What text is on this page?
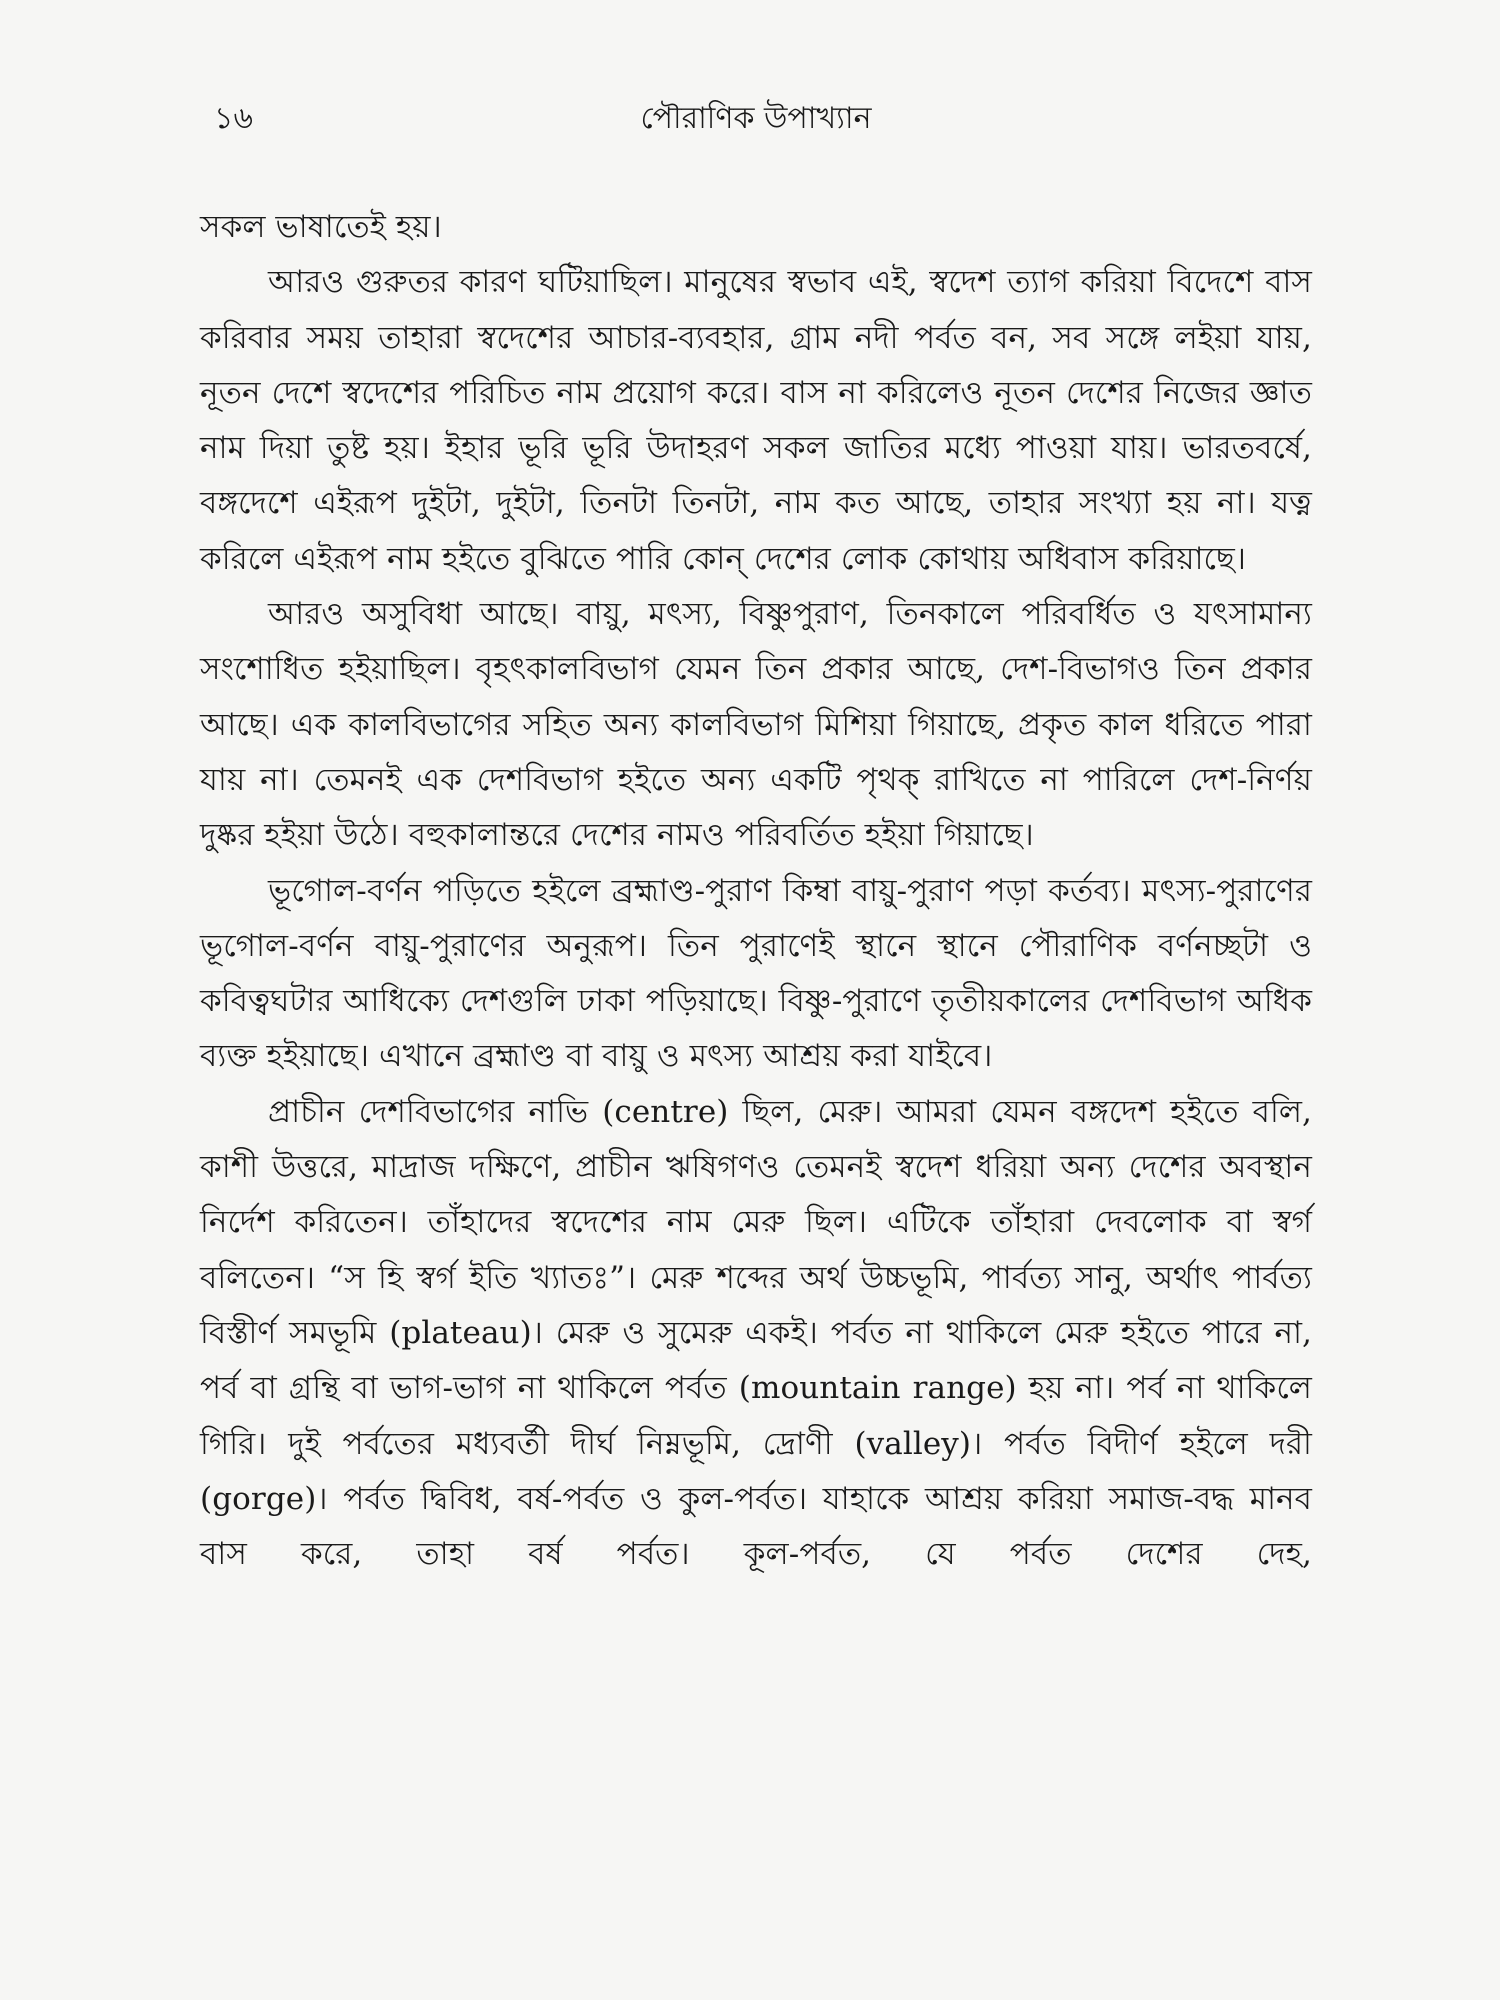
১৬	পৌরাণিক উপাখ্যান

সকল ভাষাতেই হয়।

আরও গুরুতর কারণ ঘটিয়াছিল। মানুষের স্বভাব এই, স্বদেশ ত্যাগ করিয়া বিদেশে বাস করিবার সময় তাহারা স্বদেশের আচার-ব্যবহার, গ্রাম নদী পর্বত বন, সব সঙ্গে লইয়া যায়, নূতন দেশে স্বদেশের পরিচিত নাম প্রয়োগ করে। বাস না করিলেও নূতন দেশের নিজের জ্ঞাত নাম দিয়া তুষ্ট হয়। ইহার ভূরি ভূরি উদাহরণ সকল জাতির মধ্যে পাওয়া যায়। ভারতবর্ষে, বঙ্গদেশে এইরূপ দুইটা, দুইটা, তিনটা তিনটা, নাম কত আছে, তাহার সংখ্যা হয় না। যত্ন করিলে এইরূপ নাম হইতে বুঝিতে পারি কোন্ দেশের লোক কোথায় অধিবাস করিয়াছে।

আরও অসুবিধা আছে। বায়ু, মৎস্য, বিষ্ণুপুরাণ, তিনকালে পরিবর্ধিত ও যৎসামান্য সংশোধিত হইয়াছিল। বৃহৎকালবিভাগ যেমন তিন প্রকার আছে, দেশ-বিভাগও তিন প্রকার আছে। এক কালবিভাগের সহিত অন্য কালবিভাগ মিশিয়া গিয়াছে, প্রকৃত কাল ধরিতে পারা যায় না। তেমনই এক দেশবিভাগ হইতে অন্য একটি পৃথক্ রাখিতে না পারিলে দেশ-নির্ণয় দুষ্কর হইয়া উঠে। বহুকালান্তরে দেশের নামও পরিবর্তিত হইয়া গিয়াছে।

ভূগোল-বর্ণন পড়িতে হইলে ব্রহ্মাণ্ড-পুরাণ কিম্বা বায়ু-পুরাণ পড়া কর্তব্য। মৎস্য-পুরাণের ভূগোল-বর্ণন বায়ু-পুরাণের অনুরূপ। তিন পুরাণেই স্থানে স্থানে পৌরাণিক বর্ণনচ্ছটা ও কবিত্বঘটার আধিক্যে দেশগুলি ঢাকা পড়িয়াছে। বিষ্ণু-পুরাণে তৃতীয়কালের দেশবিভাগ অধিক ব্যক্ত হইয়াছে। এখানে ব্রহ্মাণ্ড বা বায়ু ও মৎস্য আশ্রয় করা যাইবে।

প্রাচীন দেশবিভাগের নাভি (centre) ছিল, মেরু। আমরা যেমন বঙ্গদেশ হইতে বলি, কাশী উত্তরে, মাদ্রাজ দক্ষিণে, প্রাচীন ঋষিগণও তেমনই স্বদেশ ধরিয়া অন্য দেশের অবস্থান নির্দেশ করিতেন। তাঁহাদের স্বদেশের নাম মেরু ছিল। এটিকে তাঁহারা দেবলোক বা স্বর্গ বলিতেন। “স হি স্বর্গ ইতি খ্যাতঃ”। মেরু শব্দের অর্থ উচ্চভূমি, পার্বত্য সানু, অর্থাৎ পার্বত্য বিস্তীর্ণ সমভূমি (plateau)। মেরু ও সুমেরু একই। পর্বত না থাকিলে মেরু হইতে পারে না, পর্ব বা গ্রন্থি বা ভাগ-ভাগ না থাকিলে পর্বত (mountain range) হয় না। পর্ব না থাকিলে গিরি। দুই পর্বতের মধ্যবর্তী দীর্ঘ নিম্নভূমি, দ্রোণী (valley)। পর্বত বিদীর্ণ হইলে দরী (gorge)। পর্বত দ্বিবিধ, বর্ষ-পর্বত ও কুল-পর্বত। যাহাকে আশ্রয় করিয়া সমাজ-বদ্ধ মানব বাস করে, তাহা বর্ষ পর্বত। কূল-পর্বত, যে পর্বত দেশের দেহ,
